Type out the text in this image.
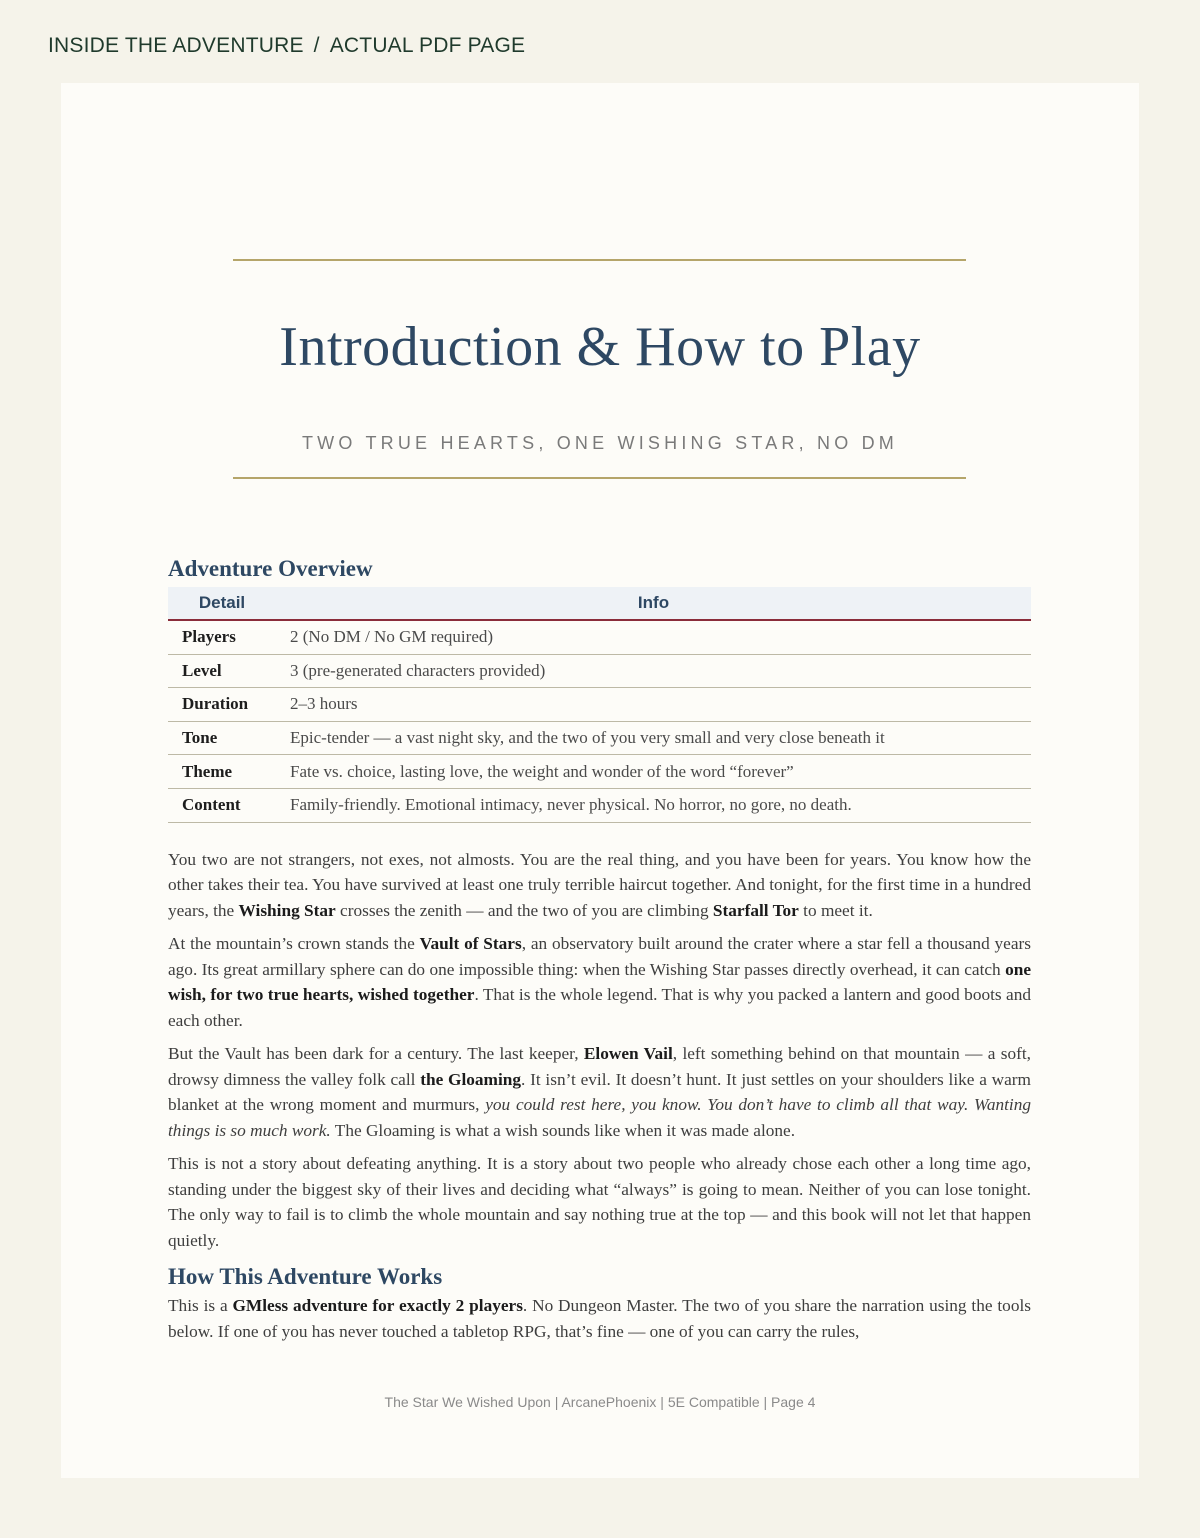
INSIDE THE ADVENTURE / ACTUAL PDF PAGE
Introduction & How to Play
TWO TRUE HEARTS, ONE WISHING STAR, NO DM
Adventure Overview
Detail	Info
Players	2 (No DM / No GM required)
Level	3 (pre-generated characters provided)
Duration	2–3 hours
Tone	Epic-tender — a vast night sky, and the two of you very small and very close beneath it
Theme	Fate vs. choice, lasting love, the weight and wonder of the word “forever”
Content	Family-friendly. Emotional intimacy, never physical. No horror, no gore, no death.

You two are not strangers, not exes, not almosts. You are the real thing, and you have been for years. You know how the other takes their tea. You have survived at least one truly terrible haircut together. And tonight, for the first time in a hundred years, the Wishing Star crosses the zenith — and the two of you are climbing Starfall Tor to meet it.

At the mountain’s crown stands the Vault of Stars, an observatory built around the crater where a star fell a thousand years ago. Its great armillary sphere can do one impossible thing: when the Wishing Star passes directly overhead, it can catch one wish, for two true hearts, wished together. That is the whole legend. That is why you packed a lantern and good boots and each other.

But the Vault has been dark for a century. The last keeper, Elowen Vail, left something behind on that mountain — a soft, drowsy dimness the valley folk call the Gloaming. It isn’t evil. It doesn’t hunt. It just settles on your shoulders like a warm blanket at the wrong moment and murmurs, you could rest here, you know. You don’t have to climb all that way. Wanting things is so much work. The Gloaming is what a wish sounds like when it was made alone.

This is not a story about defeating anything. It is a story about two people who already chose each other a long time ago, standing under the biggest sky of their lives and deciding what “always” is going to mean. Neither of you can lose tonight. The only way to fail is to climb the whole mountain and say nothing true at the top — and this book will not let that happen quietly.

How This Adventure Works

This is a GMless adventure for exactly 2 players. No Dungeon Master. The two of you share the narration using the tools below. If one of you has never touched a tabletop RPG, that’s fine — one of you can carry the rules,

The Star We Wished Upon | ArcanePhoenix | 5E Compatible | Page 4
